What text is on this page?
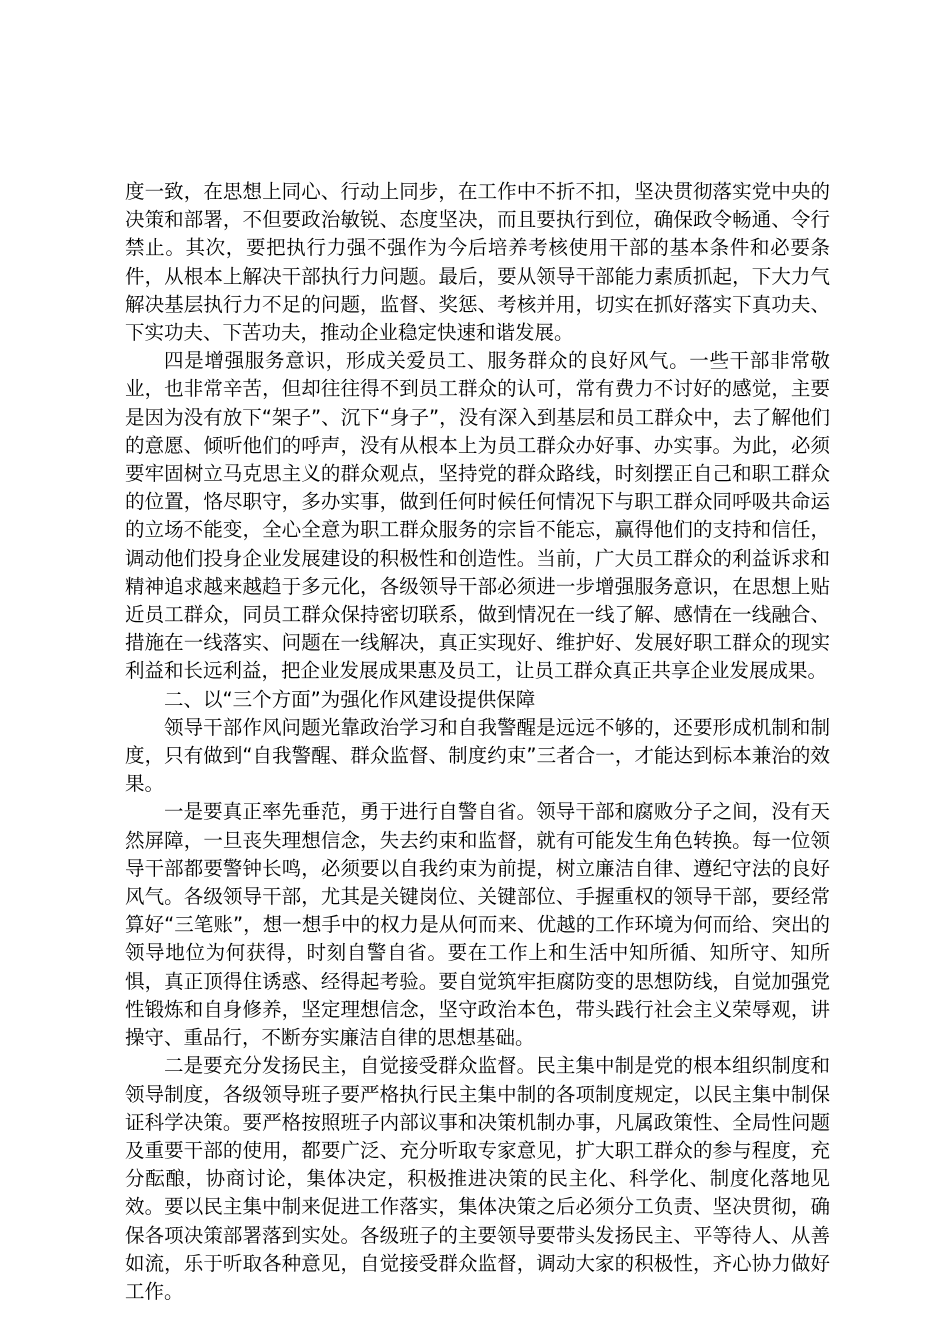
度一致，在思想上同心、行动上同步，在工作中不折不扣，坚决贯彻落实党中央的决策和部署，不但要政治敏锐、态度坚决，而且要执行到位，确保政令畅通、令行禁止。其次，要把执行力强不强作为今后培养考核使用干部的基本条件和必要条件，从根本上解决干部执行力问题。最后，要从领导干部能力素质抓起，下大力气解决基层执行力不足的问题，监督、奖惩、考核并用，切实在抓好落实下真功夫、下实功夫、下苦功夫，推动企业稳定快速和谐发展。

四是增强服务意识，形成关爱员工、服务群众的良好风气。一些干部非常敬业，也非常辛苦，但却往往得不到员工群众的认可，常有费力不讨好的感觉，主要是因为没有放下“架子”、沉下“身子”，没有深入到基层和员工群众中，去了解他们的意愿、倾听他们的呼声，没有从根本上为员工群众办好事、办实事。为此，必须要牢固树立马克思主义的群众观点，坚持党的群众路线，时刻摆正自己和职工群众的位置，恪尽职守，多办实事，做到任何时候任何情况下与职工群众同呼吸共命运的立场不能变，全心全意为职工群众服务的宗旨不能忘，赢得他们的支持和信任，调动他们投身企业发展建设的积极性和创造性。当前，广大员工群众的利益诉求和精神追求越来越趋于多元化，各级领导干部必须进一步增强服务意识，在思想上贴近员工群众，同员工群众保持密切联系，做到情况在一线了解、感情在一线融合、措施在一线落实、问题在一线解决，真正实现好、维护好、发展好职工群众的现实利益和长远利益，把企业发展成果惠及员工，让员工群众真正共享企业发展成果。

二、以“三个方面”为强化作风建设提供保障

领导干部作风问题光靠政治学习和自我警醒是远远不够的，还要形成机制和制度，只有做到“自我警醒、群众监督、制度约束”三者合一，才能达到标本兼治的效果。

一是要真正率先垂范，勇于进行自警自省。领导干部和腐败分子之间，没有天然屏障，一旦丧失理想信念，失去约束和监督，就有可能发生角色转换。每一位领导干部都要警钟长鸣，必须要以自我约束为前提，树立廉洁自律、遵纪守法的良好风气。各级领导干部，尤其是关键岗位、关键部位、手握重权的领导干部，要经常算好“三笔账”，想一想手中的权力是从何而来、优越的工作环境为何而给、突出的领导地位为何获得，时刻自警自省。要在工作上和生活中知所循、知所守、知所惧，真正顶得住诱惑、经得起考验。要自觉筑牢拒腐防变的思想防线，自觉加强党性锻炼和自身修养，坚定理想信念，坚守政治本色，带头践行社会主义荣辱观，讲操守、重品行，不断夯实廉洁自律的思想基础。

二是要充分发扬民主，自觉接受群众监督。民主集中制是党的根本组织制度和领导制度，各级领导班子要严格执行民主集中制的各项制度规定，以民主集中制保证科学决策。要严格按照班子内部议事和决策机制办事，凡属政策性、全局性问题及重要干部的使用，都要广泛、充分听取专家意见，扩大职工群众的参与程度，充分酝酿，协商讨论，集体决定，积极推进决策的民主化、科学化、制度化落地见效。要以民主集中制来促进工作落实，集体决策之后必须分工负责、坚决贯彻，确保各项决策部署落到实处。各级班子的主要领导要带头发扬民主、平等待人、从善如流，乐于听取各种意见，自觉接受群众监督，调动大家的积极性，齐心协力做好工作。
